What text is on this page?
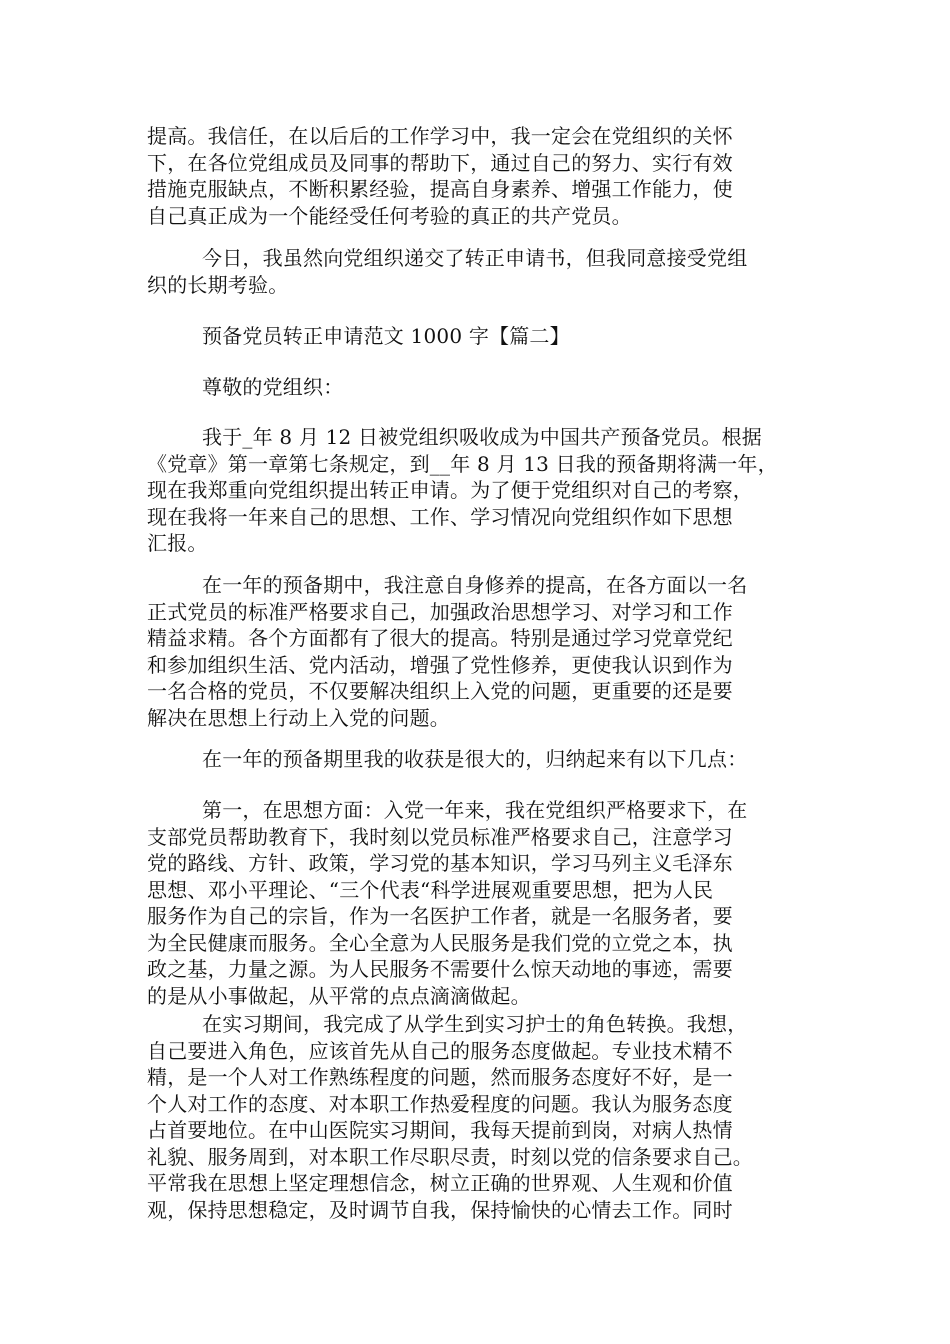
提高。我信任，在以后后的工作学习中，我一定会在党组织的关怀
下，在各位党组成员及同事的帮助下，通过自己的努力、实行有效
措施克服缺点，不断积累经验，提高自身素养、增强工作能力，使
自己真正成为一个能经受任何考验的真正的共产党员。
今日，我虽然向党组织递交了转正申请书，但我同意接受党组
织的长期考验。
预备党员转正申请范文 1000 字【篇二】
尊敬的党组织：
我于_年 8 月 12 日被党组织吸收成为中国共产预备党员。根据
《党章》第一章第七条规定，到__年 8 月 13 日我的预备期将满一年，
现在我郑重向党组织提出转正申请。为了便于党组织对自己的考察，
现在我将一年来自己的思想、工作、学习情况向党组织作如下思想
汇报。
在一年的预备期中，我注意自身修养的提高，在各方面以一名
正式党员的标准严格要求自己，加强政治思想学习、对学习和工作
精益求精。各个方面都有了很大的提高。特别是通过学习党章党纪
和参加组织生活、党内活动，增强了党性修养，更使我认识到作为
一名合格的党员，不仅要解决组织上入党的问题，更重要的还是要
解决在思想上行动上入党的问题。
在一年的预备期里我的收获是很大的，归纳起来有以下几点：
第一，在思想方面：入党一年来，我在党组织严格要求下，在
支部党员帮助教育下，我时刻以党员标准严格要求自己，注意学习
党的路线、方针、政策，学习党的基本知识，学习马列主义毛泽东
思想、邓小平理论、“三个代表“科学进展观重要思想，把为人民
服务作为自己的宗旨，作为一名医护工作者，就是一名服务者，要
为全民健康而服务。全心全意为人民服务是我们党的立党之本，执
政之基，力量之源。为人民服务不需要什么惊天动地的事迹，需要
的是从小事做起，从平常的点点滴滴做起。
在实习期间，我完成了从学生到实习护士的角色转换。我想，
自己要进入角色，应该首先从自己的服务态度做起。专业技术精不
精，是一个人对工作熟练程度的问题，然而服务态度好不好，是一
个人对工作的态度、对本职工作热爱程度的问题。我认为服务态度
占首要地位。在中山医院实习期间，我每天提前到岗，对病人热情
礼貌、服务周到，对本职工作尽职尽责，时刻以党的信条要求自己。
平常我在思想上坚定理想信念，树立正确的世界观、人生观和价值
观，保持思想稳定，及时调节自我，保持愉快的心情去工作。同时
